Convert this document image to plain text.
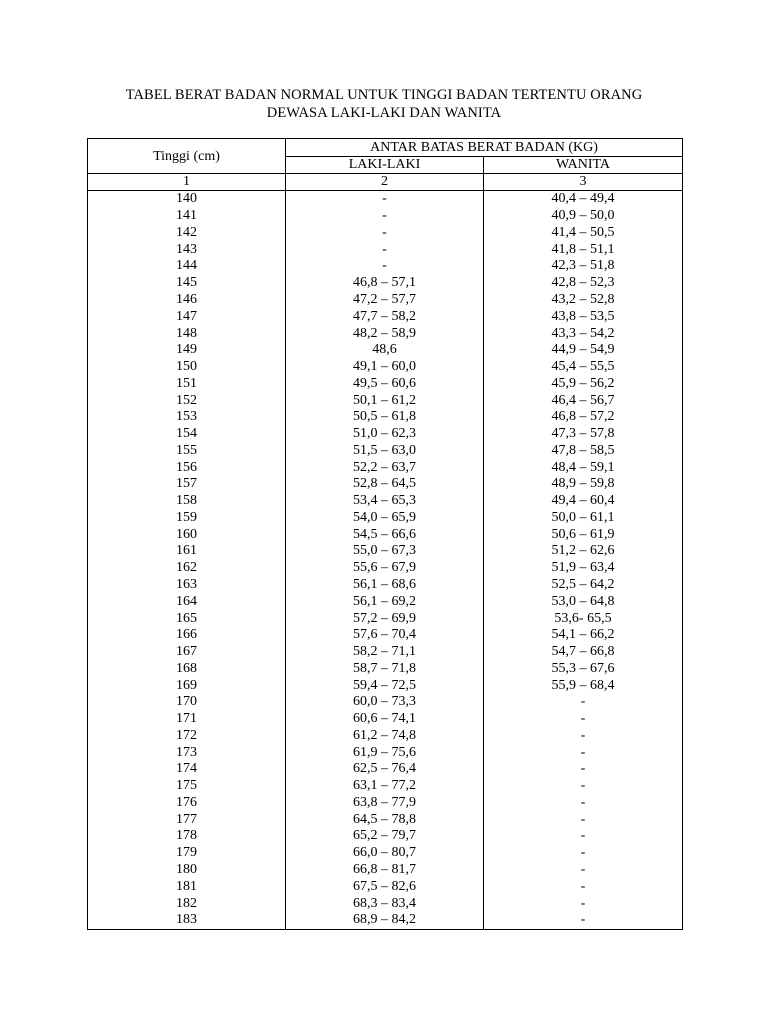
TABEL BERAT BADAN NORMAL UNTUK TINGGI BADAN TERTENTU ORANG
DEWASA LAKI-LAKI DAN WANITA
Tinggi (cm)	ANTAR BATAS BERAT BADAN (KG)	
	LAKI-LAKI	WANITA
1	2	3
140	-	40,4 – 49,4
141	-	40,9 – 50,0
142	-	41,4 – 50,5
143	-	41,8 – 51,1
144	-	42,3 – 51,8
145	46,8 – 57,1	42,8 – 52,3
146	47,2 – 57,7	43,2 – 52,8
147	47,7 – 58,2	43,8 – 53,5
148	48,2 – 58,9	43,3 – 54,2
149	48,6	44,9 – 54,9
150	49,1 – 60,0	45,4 – 55,5
151	49,5 – 60,6	45,9 – 56,2
152	50,1 – 61,2	46,4 – 56,7
153	50,5 – 61,8	46,8 – 57,2
154	51,0 – 62,3	47,3 – 57,8
155	51,5 – 63,0	47,8 – 58,5
156	52,2 – 63,7	48,4 – 59,1
157	52,8 – 64,5	48,9 – 59,8
158	53,4 – 65,3	49,4 – 60,4
159	54,0 – 65,9	50,0 – 61,1
160	54,5 – 66,6	50,6 – 61,9
161	55,0 – 67,3	51,2 – 62,6
162	55,6 – 67,9	51,9 – 63,4
163	56,1 – 68,6	52,5 – 64,2
164	56,1 – 69,2	53,0 – 64,8
165	57,2 – 69,9	53,6- 65,5
166	57,6 – 70,4	54,1 – 66,2
167	58,2 – 71,1	54,7 – 66,8
168	58,7 – 71,8	55,3 – 67,6
169	59,4 – 72,5	55,9 – 68,4
170	60,0 – 73,3	-
171	60,6 – 74,1	-
172	61,2 – 74,8	-
173	61,9 – 75,6	-
174	62,5 – 76,4	-
175	63,1 – 77,2	-
176	63,8 – 77,9	-
177	64,5 – 78,8	-
178	65,2 – 79,7	-
179	66,0 – 80,7	-
180	66,8 – 81,7	-
181	67,5 – 82,6	-
182	68,3 – 83,4	-
183	68,9 – 84,2	-
